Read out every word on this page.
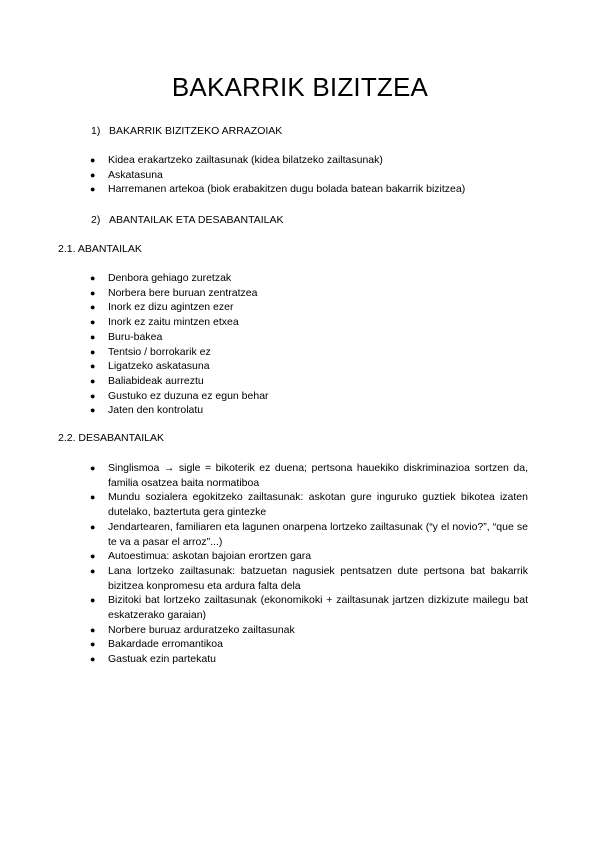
BAKARRIK BIZITZEA
1) BAKARRIK BIZITZEKO ARRAZOIAK
● Kidea erakartzeko zailtasunak (kidea bilatzeko zailtasunak)
● Askatasuna
● Harremanen artekoa (biok erabakitzen dugu bolada batean bakarrik bizitzea)
2) ABANTAILAK ETA DESABANTAILAK
2.1. ABANTAILAK
● Denbora gehiago zuretzak
● Norbera bere buruan zentratzea
● Inork ez dizu agintzen ezer
● Inork ez zaitu mintzen etxea
● Buru-bakea
● Tentsio / borrokarik ez
● Ligatzeko askatasuna
● Baliabideak aurreztu
● Gustuko ez duzuna ez egun behar
● Jaten den kontrolatu
2.2. DESABANTAILAK
● Singlismoa → sigle = bikoterik ez duena; pertsona hauekiko diskriminazioa sortzen da, familia osatzea baita normatiboa
● Mundu sozialera egokitzeko zailtasunak: askotan gure inguruko guztiek bikotea izaten dutelako, baztertuta gera gintezke
● Jendartearen, familiaren eta lagunen onarpena lortzeko zailtasunak (“y el novio?”, “que se te va a pasar el arroz”...)
● Autoestimua: askotan bajoian erortzen gara
● Lana lortzeko zailtasunak: batzuetan nagusiek pentsatzen dute pertsona bat bakarrik bizitzea konpromesu eta ardura falta dela
● Bizitoki bat lortzeko zailtasunak (ekonomikoki + zailtasunak jartzen dizkizute mailegu bat eskatzerako garaian)
● Norbere buruaz arduratzeko zailtasunak
● Bakardade erromantikoa
● Gastuak ezin partekatu
